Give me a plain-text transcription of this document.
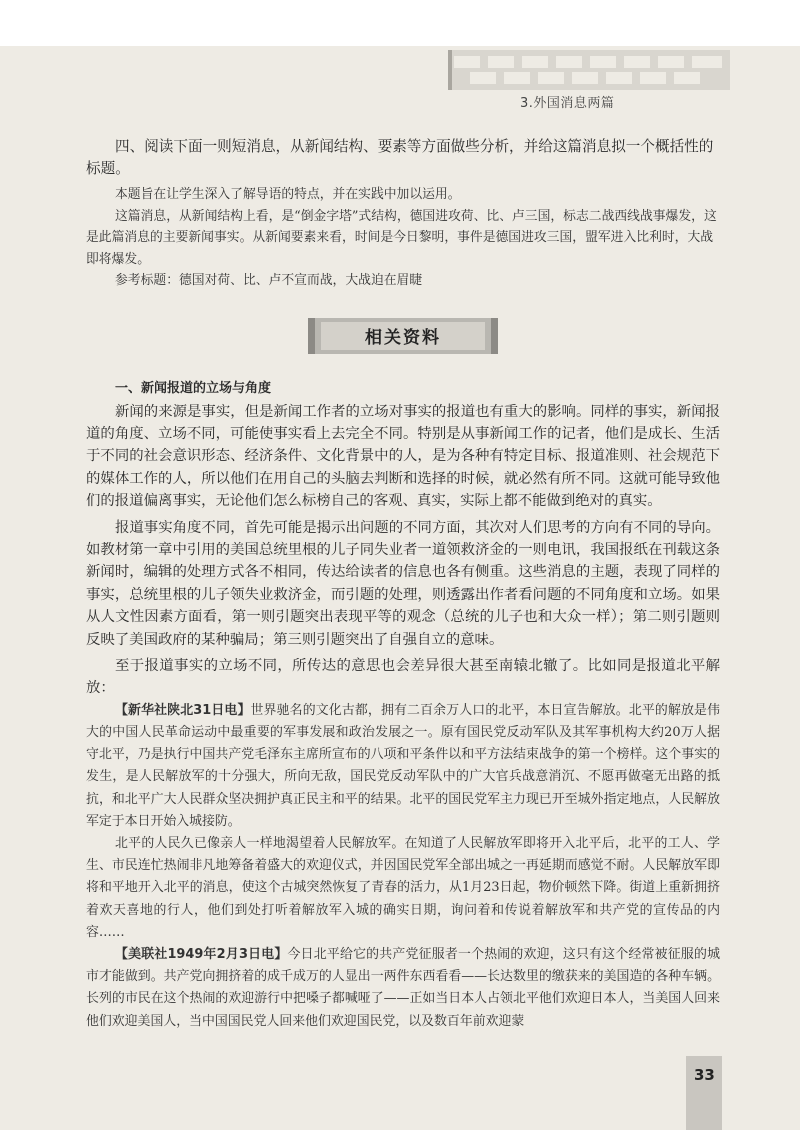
3.外国消息两篇

四、阅读下面一则短消息，从新闻结构、要素等方面做些分析，并给这篇消息拟一个概括性的标题。

本题旨在让学生深入了解导语的特点，并在实践中加以运用。

这篇消息，从新闻结构上看，是“倒金字塔”式结构，德国进攻荷、比、卢三国，标志二战西线战事爆发，这是此篇消息的主要新闻事实。从新闻要素来看，时间是今日黎明，事件是德国进攻三国，盟军进入比利时，大战即将爆发。

参考标题：德国对荷、比、卢不宣而战，大战迫在眉睫

相关资料

一、新闻报道的立场与角度

新闻的来源是事实，但是新闻工作者的立场对事实的报道也有重大的影响。同样的事实，新闻报道的角度、立场不同，可能使事实看上去完全不同。特别是从事新闻工作的记者，他们是成长、生活于不同的社会意识形态、经济条件、文化背景中的人，是为各种有特定目标、报道准则、社会规范下的媒体工作的人，所以他们在用自己的头脑去判断和选择的时候，就必然有所不同。这就可能导致他们的报道偏离事实，无论他们怎么标榜自己的客观、真实，实际上都不能做到绝对的真实。

报道事实角度不同，首先可能是揭示出问题的不同方面，其次对人们思考的方向有不同的导向。如教材第一章中引用的美国总统里根的儿子同失业者一道领救济金的一则电讯，我国报纸在刊载这条新闻时，编辑的处理方式各不相同，传达给读者的信息也各有侧重。这些消息的主题，表现了同样的事实，总统里根的儿子领失业救济金，而引题的处理，则透露出作者看问题的不同角度和立场。如果从人文性因素方面看，第一则引题突出表现平等的观念（总统的儿子也和大众一样）；第二则引题则反映了美国政府的某种骗局；第三则引题突出了自强自立的意味。

至于报道事实的立场不同，所传达的意思也会差异很大甚至南辕北辙了。比如同是报道北平解放：

【新华社陕北31日电】世界驰名的文化古都，拥有二百余万人口的北平，本日宣告解放。北平的解放是伟大的中国人民革命运动中最重要的军事发展和政治发展之一。原有国民党反动军队及其军事机构大约20万人据守北平，乃是执行中国共产党毛泽东主席所宣布的八项和平条件以和平方法结束战争的第一个榜样。这个事实的发生，是人民解放军的十分强大，所向无敌，国民党反动军队中的广大官兵战意消沉、不愿再做毫无出路的抵抗，和北平广大人民群众坚决拥护真正民主和平的结果。北平的国民党军主力现已开至城外指定地点，人民解放军定于本日开始入城接防。

北平的人民久已像亲人一样地渴望着人民解放军。在知道了人民解放军即将开入北平后，北平的工人、学生、市民连忙热闹非凡地筹备着盛大的欢迎仪式，并因国民党军全部出城之一再延期而感觉不耐。人民解放军即将和平地开入北平的消息，使这个古城突然恢复了青春的活力，从1月23日起，物价顿然下降。街道上重新拥挤着欢天喜地的行人，他们到处打听着解放军入城的确实日期，询问着和传说着解放军和共产党的宣传品的内容……

【美联社1949年2月3日电】今日北平给它的共产党征服者一个热闹的欢迎，这只有这个经常被征服的城市才能做到。共产党向拥挤着的成千成万的人显出一两件东西看看——长达数里的缴获来的美国造的各种车辆。长列的市民在这个热闹的欢迎游行中把嗓子都喊哑了——正如当日本人占领北平他们欢迎日本人，当美国人回来他们欢迎美国人，当中国国民党人回来他们欢迎国民党，以及数百年前欢迎蒙

33
